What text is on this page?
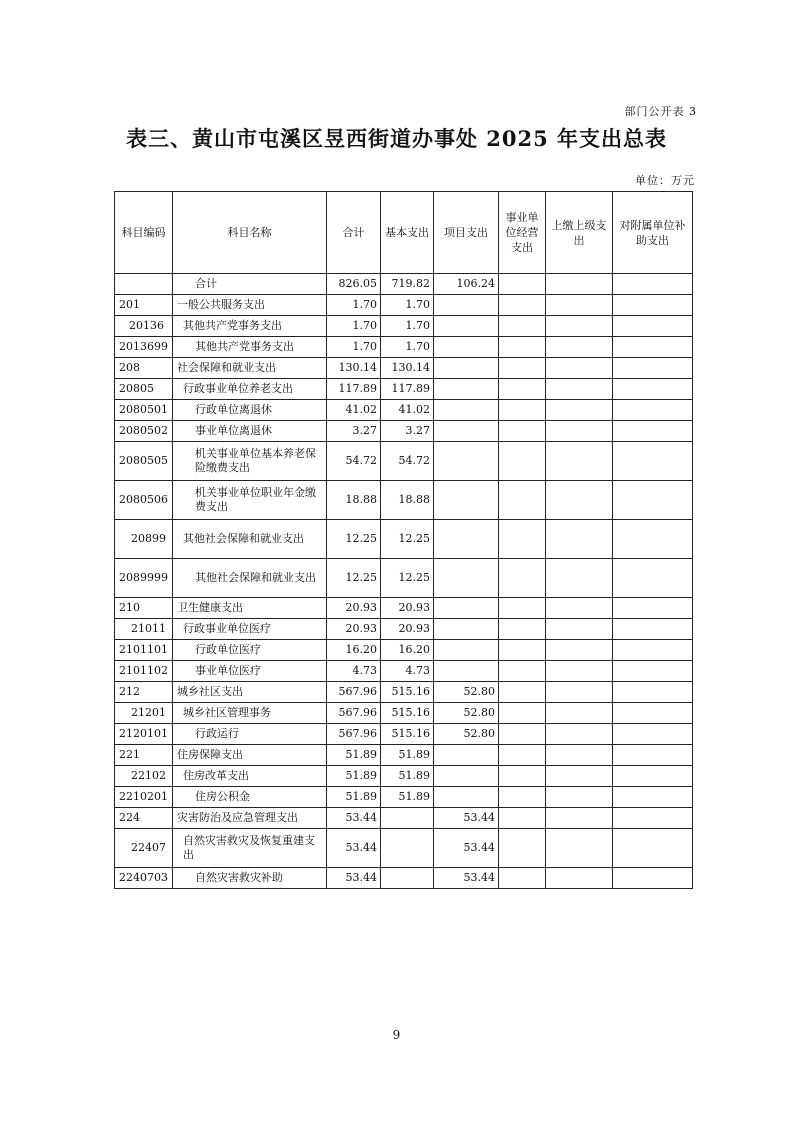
部门公开表 3
表三、黄山市屯溪区昱西街道办事处 2025 年支出总表
单位：万元
科目编码	科目名称	合计	基本支出	项目支出	事业单位经营支出	上缴上级支出	对附属单位补助支出
	合计	826.05	719.82	106.24			
201	一般公共服务支出	1.70	1.70				
20136	其他共产党事务支出	1.70	1.70				
2013699	其他共产党事务支出	1.70	1.70				
208	社会保障和就业支出	130.14	130.14				
20805	行政事业单位养老支出	117.89	117.89				
2080501	行政单位离退休	41.02	41.02				
2080502	事业单位离退休	3.27	3.27				
2080505	机关事业单位基本养老保险缴费支出	54.72	54.72				
2080506	机关事业单位职业年金缴费支出	18.88	18.88				
20899	其他社会保障和就业支出	12.25	12.25				
2089999	其他社会保障和就业支出	12.25	12.25				
210	卫生健康支出	20.93	20.93				
21011	行政事业单位医疗	20.93	20.93				
2101101	行政单位医疗	16.20	16.20				
2101102	事业单位医疗	4.73	4.73				
212	城乡社区支出	567.96	515.16	52.80			
21201	城乡社区管理事务	567.96	515.16	52.80			
2120101	行政运行	567.96	515.16	52.80			
221	住房保障支出	51.89	51.89				
22102	住房改革支出	51.89	51.89				
2210201	住房公积金	51.89	51.89				
224	灾害防治及应急管理支出	53.44		53.44			
22407	自然灾害救灾及恢复重建支出	53.44		53.44			
2240703	自然灾害救灾补助	53.44		53.44			
9
